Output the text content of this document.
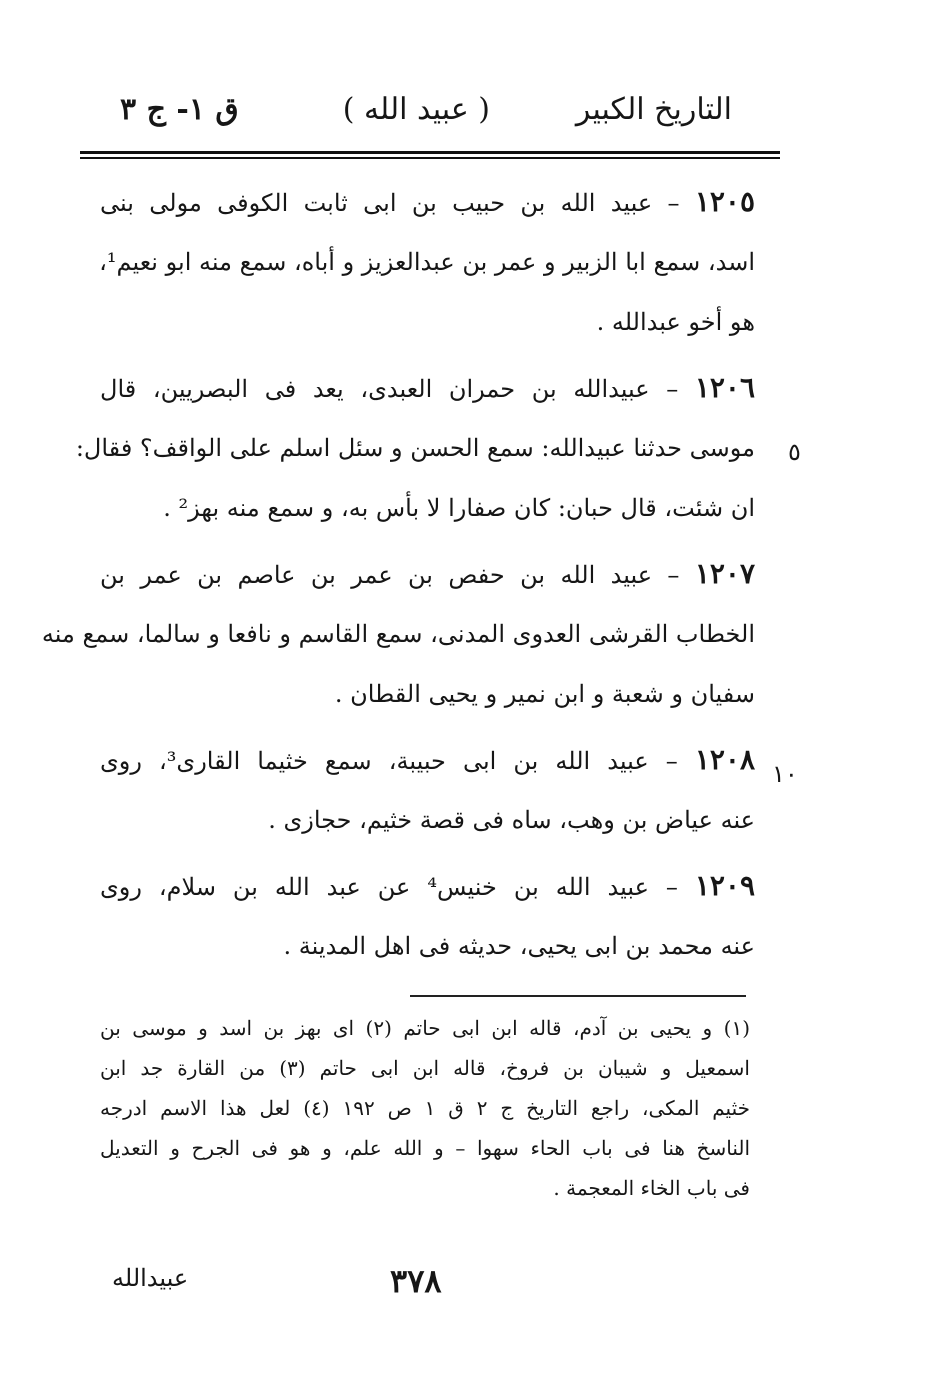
التاريخ الكبير
( عبيد الله )
ق ١- ج ٣
١٢٠٥ – عبيد الله بن حبيب بن ابى ثابت الكوفى مولى بنى
اسد، سمع ابا الزبير و عمر بن عبدالعزيز و أباه، سمع منه ابو نعيم¹،
هو أخو عبدالله .
١٢٠٦ – عبيدالله بن حمران العبدى، يعد فى البصريين، قال
موسى حدثنا عبيدالله: سمع الحسن و سئل اسلم على الواقف؟ فقال:
ان شئت، قال حبان: كان صفارا لا بأس به، و سمع منه بهز² .
١٢٠٧ – عبيد الله بن حفص بن عمر بن عاصم بن عمر بن
الخطاب القرشى العدوى المدنى، سمع القاسم و نافعا و سالما، سمع منه
سفيان و شعبة و ابن نمير و يحيى القطان .
١٢٠٨ – عبيد الله بن ابى حبيبة، سمع خثيما القارى³، روى
عنه عياض بن وهب، ساه فى قصة خثيم، حجازى .
١٢٠٩ – عبيد الله بن خنيس⁴ عن عبد الله بن سلام، روى
عنه محمد بن ابى يحيى، حديثه فى اهل المدينة .
٥
١٠
(١) و يحيى بن آدم، قاله ابن ابى حاتم (٢) اى بهز بن اسد و موسى بن
اسمعيل و شيبان بن فروخ، قاله ابن ابى حاتم (٣) من القارة جد ابن
خثيم المكى، راجع التاريخ ج ٢ ق ١ ص ١٩٢ (٤) لعل هذا الاسم ادرجه
الناسخ هنا فى باب الحاء سهوا – و الله علم، و هو فى الجرح و التعديل
فى باب الخاء المعجمة .
٣٧٨
عبيدالله
